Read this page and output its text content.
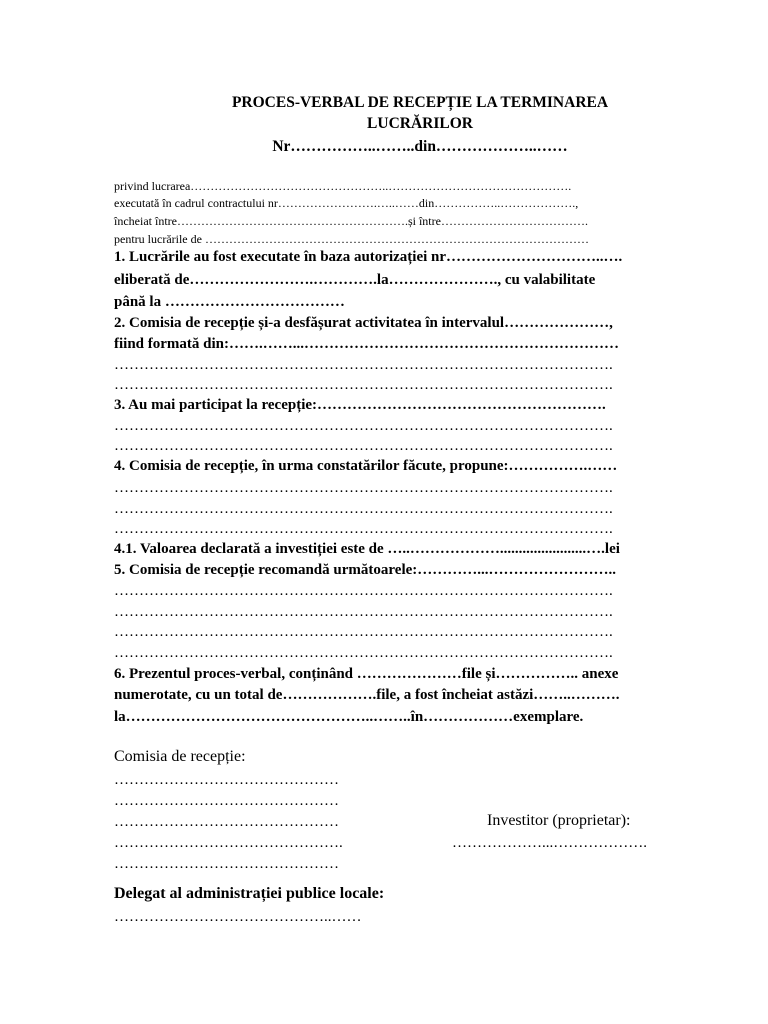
PROCES-VERBAL DE RECEPȚIE LA TERMINAREA
LUCRĂRILOR
Nr……………..……..din………………..……
privind lucrarea…………………………………………..……………………………………….
executată în cadrul contractului nr…………………….…..……din……………..……………….,
încheiat între………………………………………………….și între……………………………….
pentru lucrările de ……………………………………………………………………………………
1. Lucrările au fost executate în baza autorizației nr…………………………..….
eliberată de…………………….………….la…………………., cu valabilitate
până la ………………………………
2. Comisia de recepție și-a desfășurat activitatea în intervalul…………………,
fiind formată din:…….……...………………………………………………………
……………………………………………………………………………………….
……………………………………………………………………………………….
3. Au mai participat la recepție:………………………………………………….
……………………………………………………………………………………….
……………………………………………………………………………………….
4. Comisia de recepție, în urma constatărilor făcute, propune:…………….……
……………………………………………………………………………………….
……………………………………………………………………………………….
……………………………………………………………………………………….
4.1. Valoarea declarată a investiției este de …..……………….......................….lei
5. Comisia de recepție recomandă următoarele:…………...……………………..
……………………………………………………………………………………….
……………………………………………………………………………………….
……………………………………………………………………………………….
……………………………………………………………………………………….
6. Prezentul proces-verbal, conținând …………………file și…………….. anexe
numerotate, cu un total de……………….file, a fost încheiat astăzi……..……….
la…………………………………………..……..în………………exemplare.
Comisia de recepție:
………………………………………
………………………………………
………………………………………
……………………………………….
………………………………………
Investitor (proprietar):
………………...……………….
Delegat al administrației publice locale:
……………………………………..……
